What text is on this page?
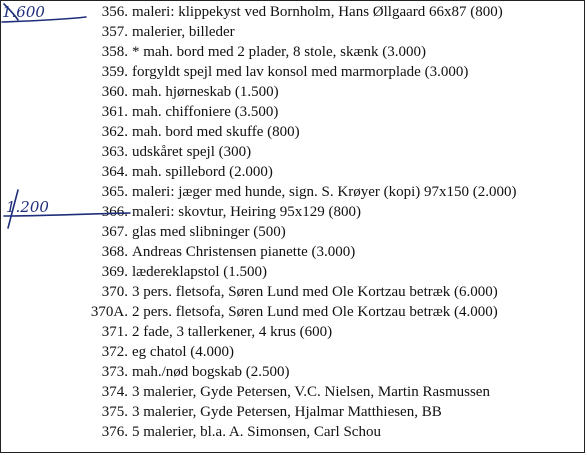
356. maleri: klippekyst ved Bornholm, Hans Øllgaard 66x87 (800)
357. malerier, billeder
358. * mah. bord med 2 plader, 8 stole, skænk (3.000)
359. forgyldt spejl med lav konsol med marmorplade (3.000)
360. mah. hjørneskab (1.500)
361. mah. chiffoniere (3.500)
362. mah. bord med skuffe (800)
363. udskåret spejl (300)
364. mah. spillebord (2.000)
365. maleri: jæger med hunde, sign. S. Krøyer (kopi) 97x150 (2.000)
366. maleri: skovtur, Heiring 95x129 (800)
367. glas med slibninger (500)
368. Andreas Christensen pianette (3.000)
369. lædereklapstol (1.500)
370. 3 pers. fletsofa, Søren Lund med Ole Kortzau betræk (6.000)
370A. 2 pers. fletsofa, Søren Lund med Ole Kortzau betræk (4.000)
371. 2 fade, 3 tallerkener, 4 krus (600)
372. eg chatol (4.000)
373. mah./nød bogskab (2.500)
374. 3 malerier, Gyde Petersen, V.C. Nielsen, Martin Rasmussen
375. 3 malerier, Gyde Petersen, Hjalmar Matthiesen, BB
376. 5 malerier, bl.a. A. Simonsen, Carl Schou
1.600
1.200
